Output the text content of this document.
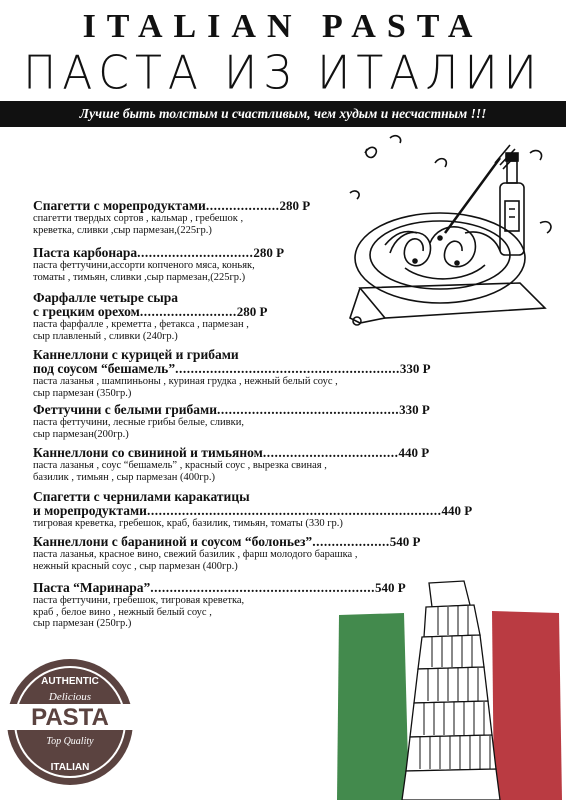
ITALIAN PASTA
ПАСТА ИЗ ИТАЛИИ
Лучше быть толстым и счастливым, чем худым и несчастным !!!
Спагетти с морепродуктами...................280 Р
спагетти твердых сортов , кальмар , гребешок ,
креветка, сливки ,сыр пармезан,(225гр.)
Паста карбонара..............................280 Р
паста феттучини,ассорти копченого мяса, коньяк,
томаты , тимьян, сливки ,сыр пармезан,(225гр.)
Фарфалле четыре сыра
с грецким орехом.........................280 Р
паста фарфалле , креметта , фетакса , пармезан ,
сыр плавленый , сливки (240гр.)
Каннеллони с курицей и грибами
под соусом “бешамель”..........................................................330 Р
паста лазанья , шампиньоны , куриная грудка , нежный белый соус ,
сыр пармезан (350гр.)
Феттучини с белыми грибами...............................................330 Р
паста феттучини, лесные грибы белые, сливки,
сыр пармезан(200гр.)
Каннеллони со свининой и тимьяном...................................440 Р
паста лазанья , соус “бешамель” , красный соус , вырезка свиная ,
базилик , тимьян , сыр пармезан (400гр.)
Спагетти с чернилами каракатицы
и морепродуктами............................................................................440 Р
тигровая креветка, гребешок, краб, базилик, тимьян, томаты (330 гр.)
Каннеллони с бараниной и соусом “болоньез”....................540 Р
паста лазанья, красное вино, свежий базилик , фарш молодого барашка ,
нежный красный соус , сыр пармезан (400гр.)
Паста “Маринара”..........................................................540 Р
паста феттучини, гребешок, тигровая креветка,
краб , белое вино , нежный белый соус ,
сыр пармезан (250гр.)
AUTHENTIC
Delicious
PASTA
Top Quality
ITALIAN
